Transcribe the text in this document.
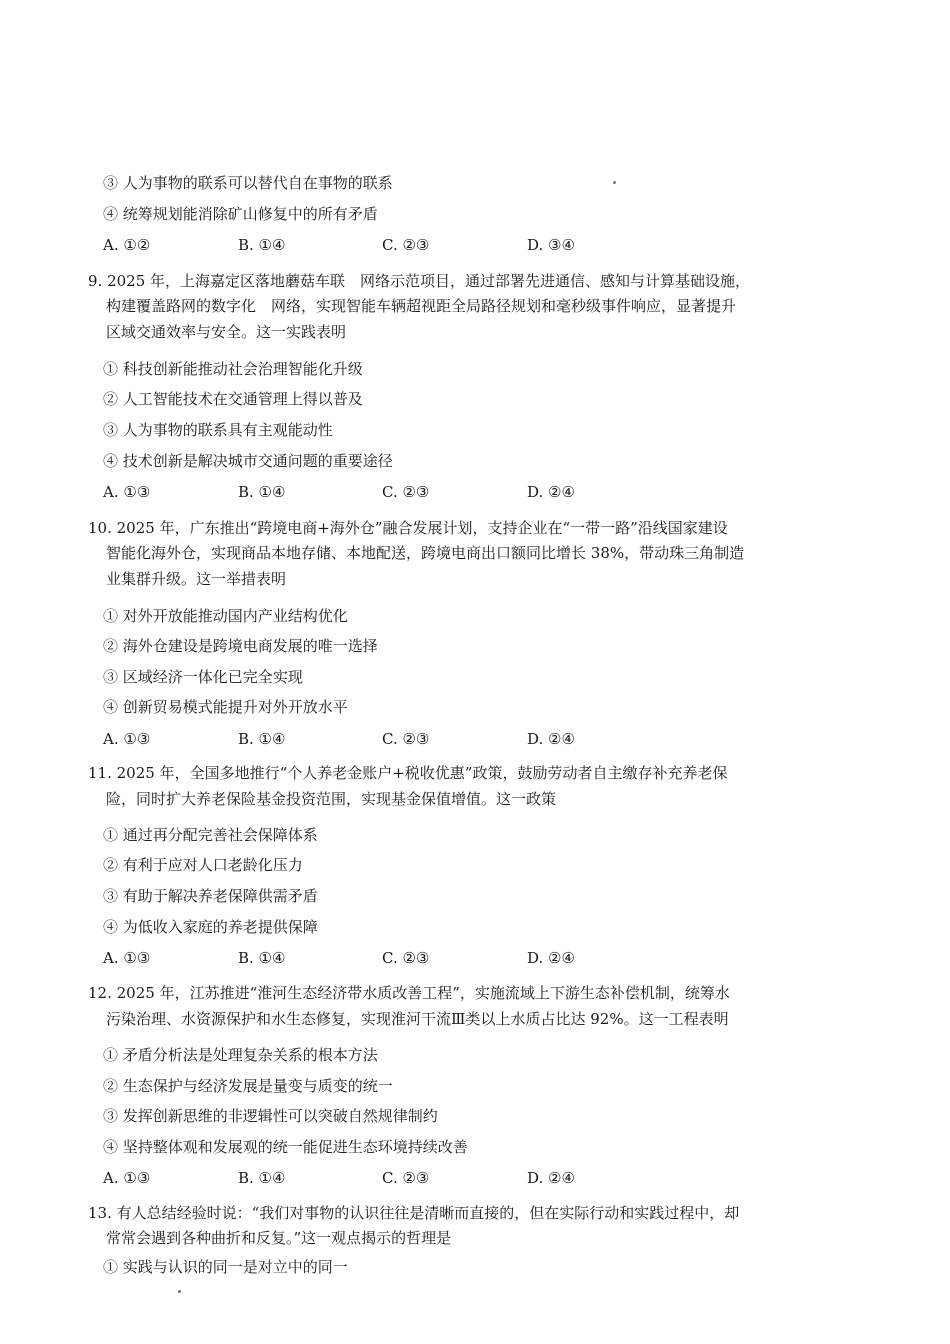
③ 人为事物的联系可以替代自在事物的联系
④ 统筹规划能消除矿山修复中的所有矛盾
A. ①②	B. ①④	C. ②③	D. ③④
9. 2025 年，上海嘉定区落地蘑菇车联　网络示范项目，通过部署先进通信、感知与计算基础设施，
构建覆盖路网的数字化　网络，实现智能车辆超视距全局路径规划和毫秒级事件响应，显著提升
区域交通效率与安全。这一实践表明
① 科技创新能推动社会治理智能化升级
② 人工智能技术在交通管理上得以普及
③ 人为事物的联系具有主观能动性
④ 技术创新是解决城市交通问题的重要途径
A. ①③	B. ①④	C. ②③	D. ②④
10. 2025 年，广东推出“跨境电商+海外仓”融合发展计划，支持企业在“一带一路”沿线国家建设
智能化海外仓，实现商品本地存储、本地配送，跨境电商出口额同比增长 38%，带动珠三角制造
业集群升级。这一举措表明
① 对外开放能推动国内产业结构优化
② 海外仓建设是跨境电商发展的唯一选择
③ 区域经济一体化已完全实现
④ 创新贸易模式能提升对外开放水平
A. ①③	B. ①④	C. ②③	D. ②④
11. 2025 年，全国多地推行“个人养老金账户+税收优惠”政策，鼓励劳动者自主缴存补充养老保
险，同时扩大养老保险基金投资范围，实现基金保值增值。这一政策
① 通过再分配完善社会保障体系
② 有利于应对人口老龄化压力
③ 有助于解决养老保障供需矛盾
④ 为低收入家庭的养老提供保障
A. ①③	B. ①④	C. ②③	D. ②④
12. 2025 年，江苏推进“淮河生态经济带水质改善工程”，实施流域上下游生态补偿机制，统筹水
污染治理、水资源保护和水生态修复，实现淮河干流Ⅲ类以上水质占比达 92%。这一工程表明
① 矛盾分析法是处理复杂关系的根本方法
② 生态保护与经济发展是量变与质变的统一
③ 发挥创新思维的非逻辑性可以突破自然规律制约
④ 坚持整体观和发展观的统一能促进生态环境持续改善
A. ①③	B. ①④	C. ②③	D. ②④
13. 有人总结经验时说：“我们对事物的认识往往是清晰而直接的，但在实际行动和实践过程中，却
常常会遇到各种曲折和反复。”这一观点揭示的哲理是
① 实践与认识的同一是对立中的同一
